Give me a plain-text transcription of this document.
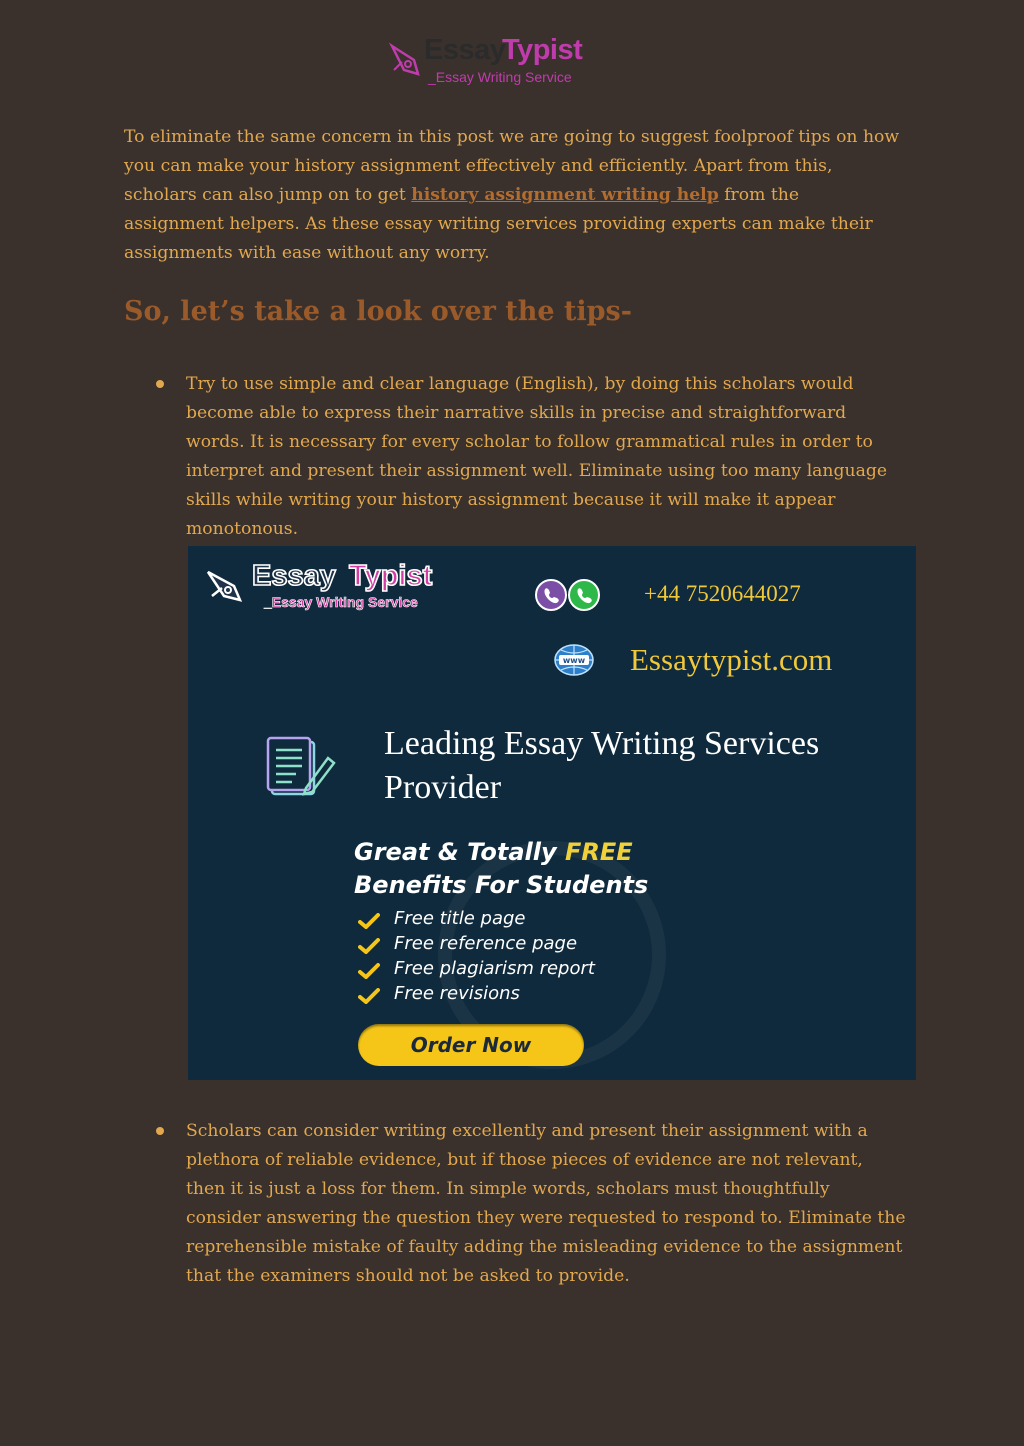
Essay
Typist
_Essay Writing Service

To eliminate the same concern in this post we are going to suggest foolproof tips on how you can make your history assignment effectively and efficiently. Apart from this, scholars can also jump on to get history assignment writing help from the assignment helpers. As these essay writing services providing experts can make their assignments with ease without any worry.

So, let’s take a look over the tips-

Try to use simple and clear language (English), by doing this scholars would become able to express their narrative skills in precise and straightforward words. It is necessary for every scholar to follow grammatical rules in order to interpret and present their assignment well. Eliminate using too many language skills while writing your history assignment because it will make it appear monotonous.

Essay Typist
_Essay Writing Service	+44 7520644027
www Essaytypist.com
Leading Essay Writing Services
Provider
Great & Totally FREE
Benefits For Students
Free title page
Free reference page
Free plagiarism report
Free revisions
Order Now

Scholars can consider writing excellently and present their assignment with a plethora of reliable evidence, but if those pieces of evidence are not relevant, then it is just a loss for them. In simple words, scholars must thoughtfully consider answering the question they were requested to respond to. Eliminate the reprehensible mistake of faulty adding the misleading evidence to the assignment that the examiners should not be asked to provide.
